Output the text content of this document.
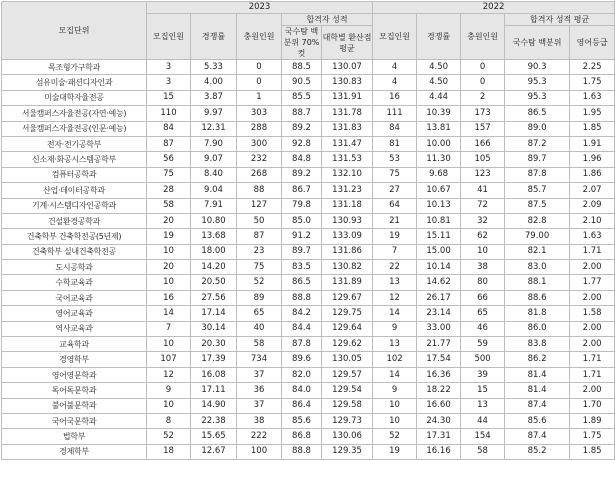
모집단위	2023					2022				
	모집인원	경쟁률	충원인원	합격자 성적		모집인원	경쟁률	충원인원	합격자 성적 평균	
				국수탐 백분위 70%컷	대학별 환산점평균				국수탐 백분위	영어등급

목조형가구학과	3	5.33	0	88.5	130.07	4	4.50	0	90.3	2.25
섬유미술·패션디자인과	3	4.00	0	90.5	130.83	4	4.50	0	95.3	1.75
미술대학자율전공	15	3.87	1	85.5	131.91	16	4.44	2	95.3	1.63
서울캠퍼스자율전공(자연·예능)	110	9.97	303	88.7	131.78	111	10.39	173	86.5	1.95
서울캠퍼스자율전공(인문·예능)	84	12.31	288	89.2	131.83	84	13.81	157	89.0	1.85
전자·전기공학부	87	7.90	300	92.8	131.47	81	10.00	166	87.2	1.91
신소재·화공시스템공학부	56	9.07	232	84.8	131.53	53	11.30	105	89.7	1.96
컴퓨터공학과	75	8.40	268	89.2	132.10	75	9.68	123	87.8	1.86
산업·데이터공학과	28	9.04	88	86.7	131.23	27	10.67	41	85.7	2.07
기계·시스템디자인공학과	58	7.91	127	79.8	131.18	64	10.13	72	87.5	2.09
건설환경공학과	20	10.80	50	85.0	130.93	21	10.81	32	82.8	2.10
건축학부 건축학전공(5년제)	19	13.68	87	91.2	133.09	19	15.11	62	79.00	1.63
건축학부 실내건축학전공	10	18.00	23	89.7	131.86	7	15.00	10	82.1	1.71
도시공학과	20	14.20	75	83.5	130.82	22	10.14	38	83.0	2.00
수학교육과	10	20.50	52	86.5	131.89	13	14.62	80	88.1	1.77
국어교육과	16	27.56	89	88.8	129.67	12	26.17	66	88.6	2.00
영어교육과	14	17.14	65	84.2	129.75	14	23.14	65	81.8	1.58
역사교육과	7	30.14	40	84.4	129.64	9	33.00	46	86.0	2.00
교육학과	10	20.30	58	87.8	129.62	13	21.77	59	83.8	2.00
경영학부	107	17.39	734	89.6	130.05	102	17.54	500	86.2	1.71
영어영문학과	12	16.08	37	82.0	129.57	14	16.36	39	81.4	1.71
독어독문학과	9	17.11	36	84.0	129.54	9	18.22	15	81.4	2.00
불어불문학과	10	14.90	37	86.4	129.58	10	16.60	13	87.4	1.70
국어국문학과	8	22.38	38	85.6	129.73	10	24.30	44	85.6	1.89
법학부	52	15.65	222	86.8	130.06	52	17.31	154	87.4	1.75
경제학부	18	12.67	100	88.8	129.35	19	16.16	58	85.2	1.85
